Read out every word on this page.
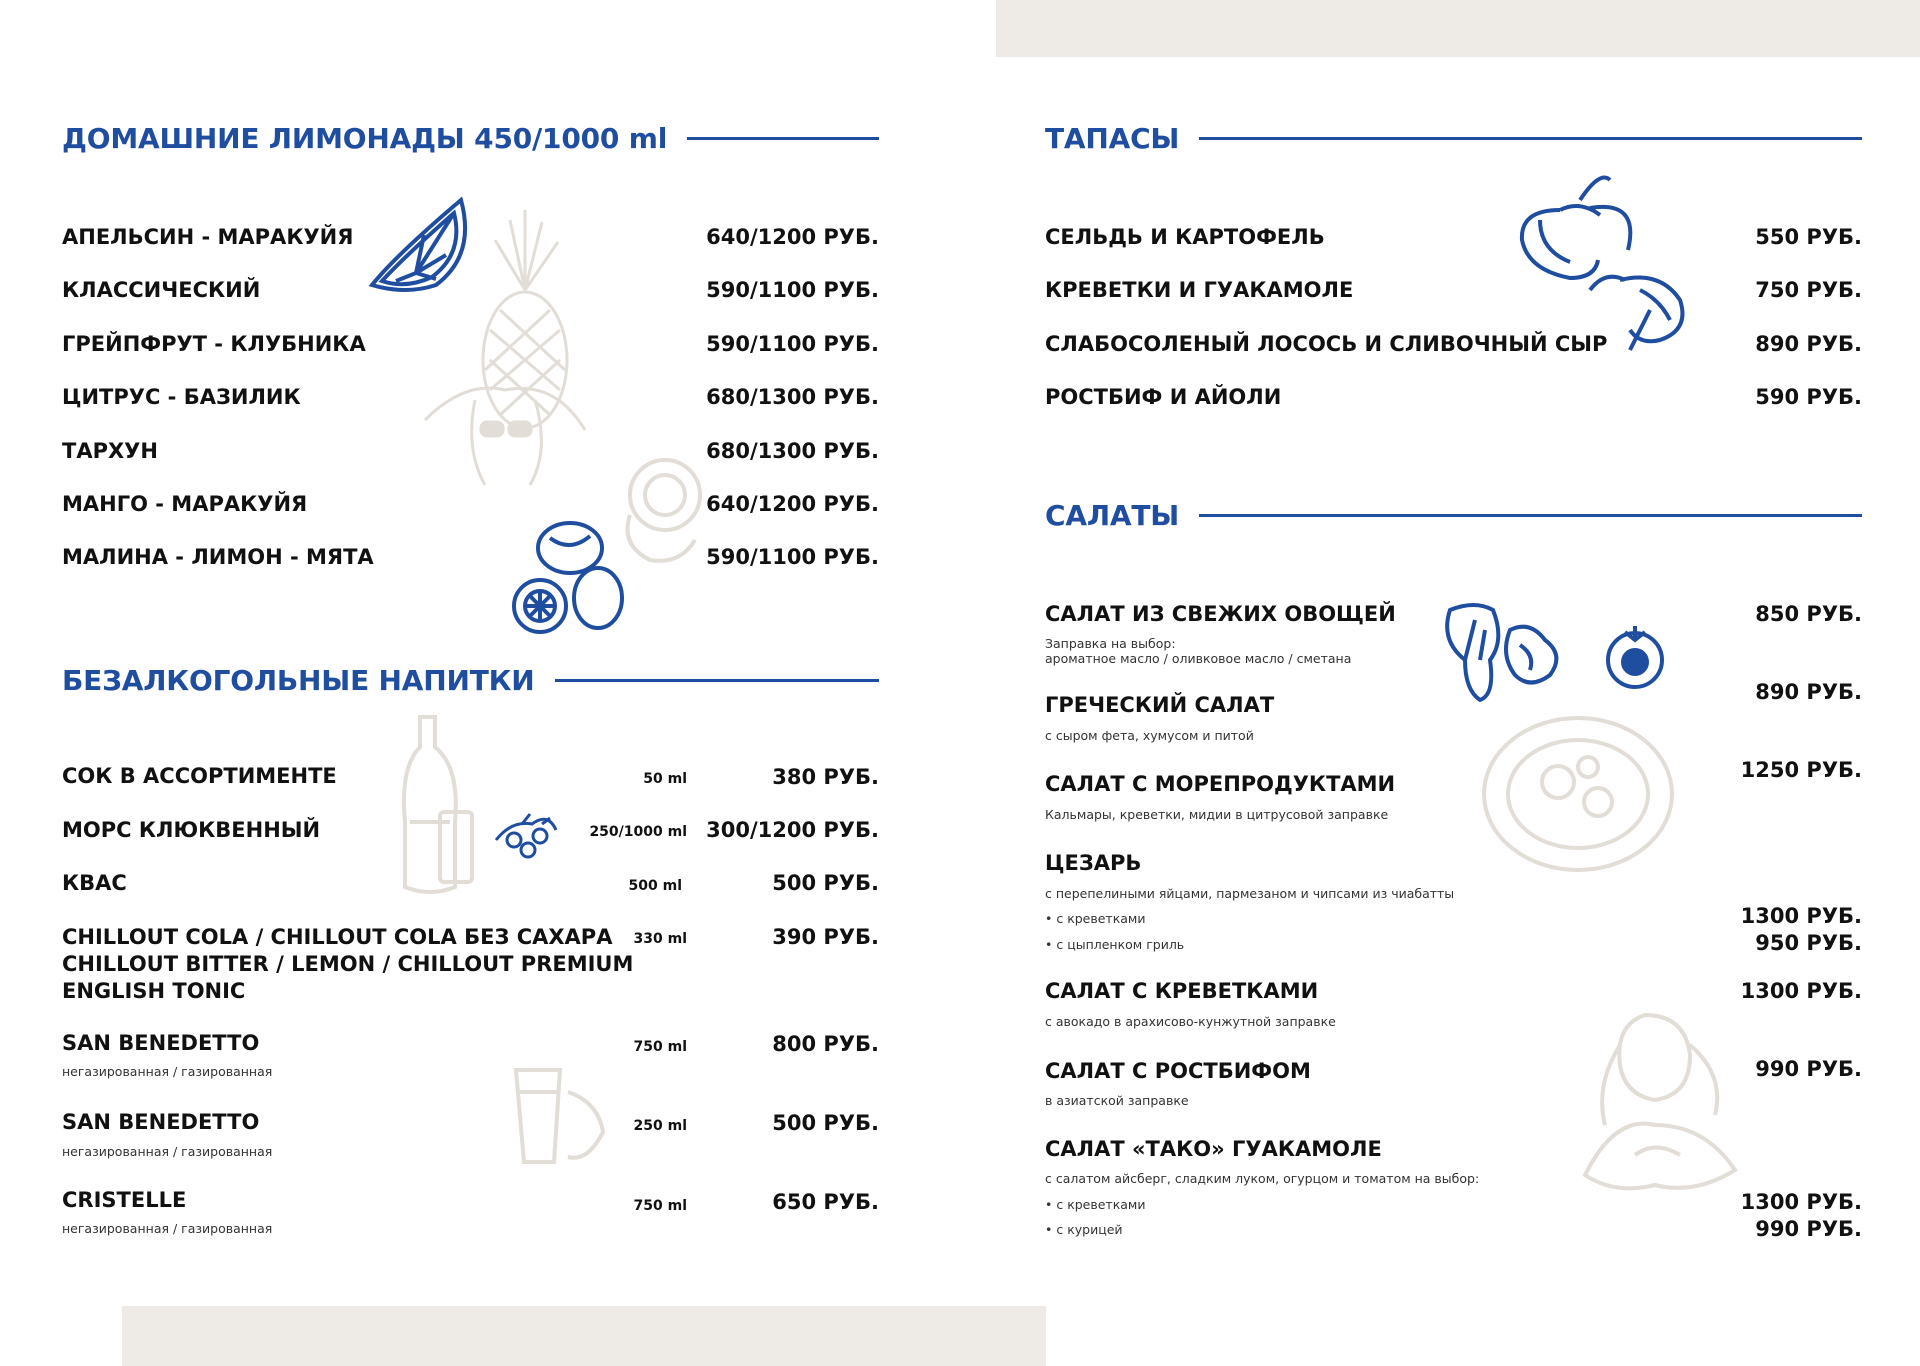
ДОМАШНИЕ ЛИМОНАДЫ 450/1000 ml
АПЕЛЬСИН - МАРАКУЙЯ	640/1200 РУБ.
КЛАССИЧЕСКИЙ	590/1100 РУБ.
ГРЕЙПФРУТ - КЛУБНИКА	590/1100 РУБ.
ЦИТРУС - БАЗИЛИК	680/1300 РУБ.
ТАРХУН	680/1300 РУБ.
МАНГО - МАРАКУЙЯ	640/1200 РУБ.
МАЛИНА - ЛИМОН - МЯТА	590/1100 РУБ.
БЕЗАЛКОГОЛЬНЫЕ НАПИТКИ
СОК В АССОРТИМЕНТЕ	50 ml	380 РУБ.
МОРС КЛЮКВЕННЫЙ	250/1000 ml 300/1200 РУБ.
КВАС	500 ml	500 РУБ.
CHILLOUT COLA / CHILLOUT COLA БЕЗ САХАРА
CHILLOUT BITTER / LEMON / CHILLOUT PREMIUM
ENGLISH TONIC
330 ml	390 РУБ.
SAN BENEDETTO
негазированная / газированная
750 ml	800 РУБ.
SAN BENEDETTO
негазированная / газированная
250 ml	500 РУБ.
CRISTELLE
негазированная / газированная
750 ml	650 РУБ.
ТАПАСЫ
СЕЛЬДЬ И КАРТОФЕЛЬ	550 РУБ.
КРЕВЕТКИ И ГУАКАМОЛЕ	750 РУБ.
СЛАБОСОЛЕНЫЙ ЛОСОСЬ И СЛИВОЧНЫЙ СЫР	890 РУБ.
РОСТБИФ И АЙОЛИ	590 РУБ.
САЛАТЫ
САЛАТ ИЗ СВЕЖИХ ОВОЩЕЙ
Заправка на выбор:
ароматное масло / оливковое масло / сметана
850 РУБ.
ГРЕЧЕСКИЙ САЛАТ
с сыром фета, хумусом и питой
890 РУБ.
САЛАТ С МОРЕПРОДУКТАМИ
Кальмары, креветки, мидии в цитрусовой заправке
1250 РУБ.
ЦЕЗАРЬ
с перепелиными яйцами, пармезаном и чипсами из чиабатты
• с креветками	1300 РУБ.
• с цыпленком гриль	950 РУБ.
САЛАТ С КРЕВЕТКАМИ
с авокадо в арахисово-кунжутной заправке
1300 РУБ.
САЛАТ С РОСТБИФОМ
в азиатской заправке
990 РУБ.
САЛАТ «ТАКО» ГУАКАМОЛЕ
с салатом айсберг, сладким луком, огурцом и томатом на выбор:
• с креветками	1300 РУБ.
• с курицей	990 РУБ.
